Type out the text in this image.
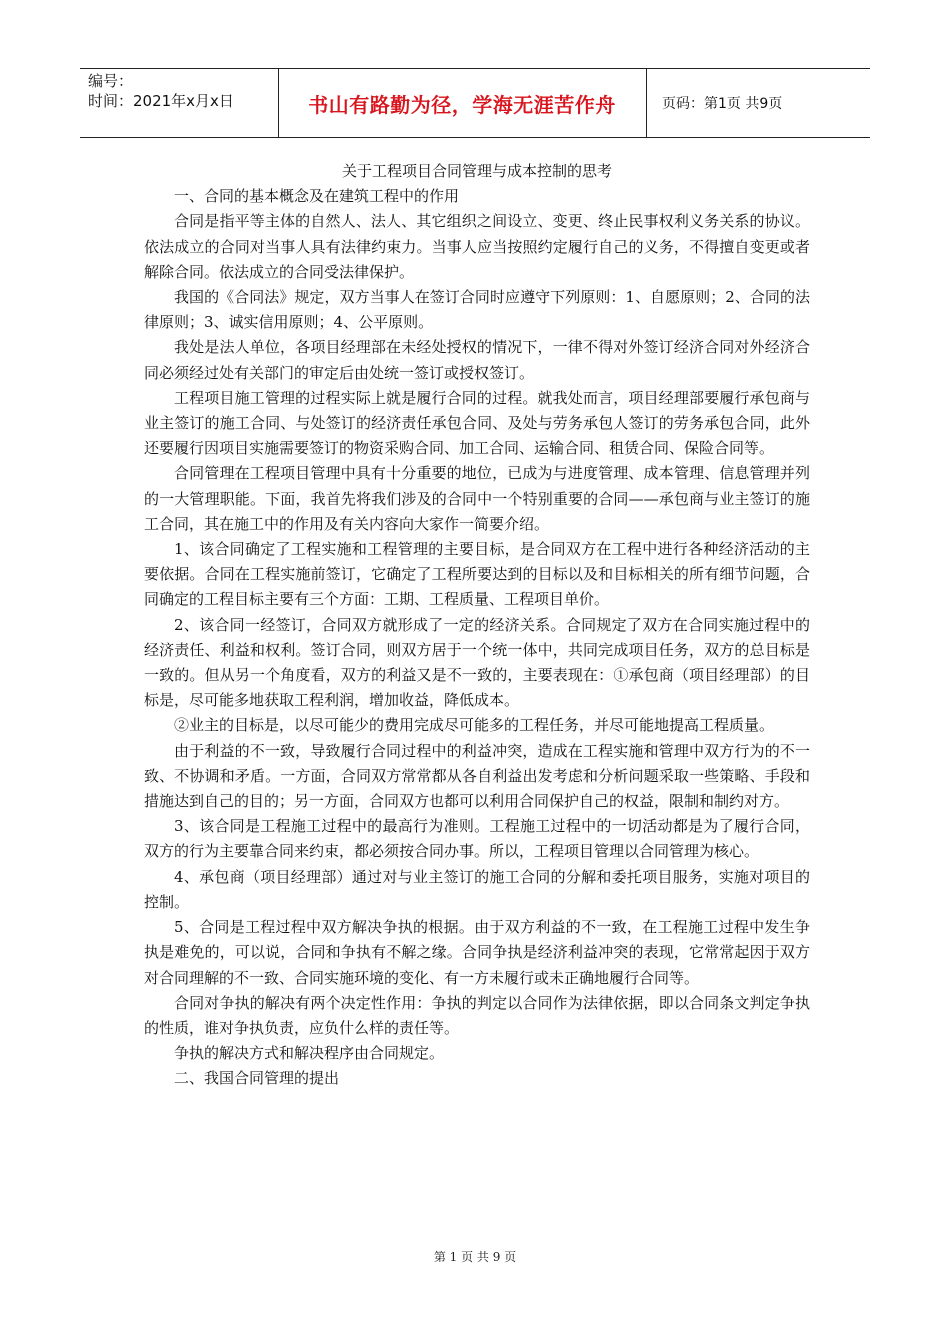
编号：
时间：2021年x月x日	书山有路勤为径，学海无涯苦作舟	页码：第1页 共9页

关于工程项目合同管理与成本控制的思考

一、合同的基本概念及在建筑工程中的作用

合同是指平等主体的自然人、法人、其它组织之间设立、变更、终止民事权利义务关系的协议。依法成立的合同对当事人具有法律约束力。当事人应当按照约定履行自己的义务，不得擅自变更或者解除合同。依法成立的合同受法律保护。

我国的《合同法》规定，双方当事人在签订合同时应遵守下列原则：1、自愿原则；2、合同的法律原则；3、诚实信用原则；4、公平原则。

我处是法人单位，各项目经理部在未经处授权的情况下，一律不得对外签订经济合同对外经济合同必须经过处有关部门的审定后由处统一签订或授权签订。

工程项目施工管理的过程实际上就是履行合同的过程。就我处而言，项目经理部要履行承包商与业主签订的施工合同、与处签订的经济责任承包合同、及处与劳务承包人签订的劳务承包合同，此外还要履行因项目实施需要签订的物资采购合同、加工合同、运输合同、租赁合同、保险合同等。

合同管理在工程项目管理中具有十分重要的地位，已成为与进度管理、成本管理、信息管理并列的一大管理职能。下面，我首先将我们涉及的合同中一个特别重要的合同——承包商与业主签订的施工合同，其在施工中的作用及有关内容向大家作一简要介绍。

1、该合同确定了工程实施和工程管理的主要目标，是合同双方在工程中进行各种经济活动的主要依据。合同在工程实施前签订，它确定了工程所要达到的目标以及和目标相关的所有细节问题，合同确定的工程目标主要有三个方面：工期、工程质量、工程项目单价。

2、该合同一经签订，合同双方就形成了一定的经济关系。合同规定了双方在合同实施过程中的经济责任、利益和权利。签订合同，则双方居于一个统一体中，共同完成项目任务，双方的总目标是一致的。但从另一个角度看，双方的利益又是不一致的，主要表现在：①承包商（项目经理部）的目标是，尽可能多地获取工程利润，增加收益，降低成本。

②业主的目标是，以尽可能少的费用完成尽可能多的工程任务，并尽可能地提高工程质量。

由于利益的不一致，导致履行合同过程中的利益冲突，造成在工程实施和管理中双方行为的不一致、不协调和矛盾。一方面，合同双方常常都从各自利益出发考虑和分析问题采取一些策略、手段和措施达到自己的目的；另一方面，合同双方也都可以利用合同保护自己的权益，限制和制约对方。

3、该合同是工程施工过程中的最高行为准则。工程施工过程中的一切活动都是为了履行合同，双方的行为主要靠合同来约束，都必须按合同办事。所以，工程项目管理以合同管理为核心。

4、承包商（项目经理部）通过对与业主签订的施工合同的分解和委托项目服务，实施对项目的控制。

5、合同是工程过程中双方解决争执的根据。由于双方利益的不一致，在工程施工过程中发生争执是难免的，可以说，合同和争执有不解之缘。合同争执是经济利益冲突的表现，它常常起因于双方对合同理解的不一致、合同实施环境的变化、有一方未履行或未正确地履行合同等。

合同对争执的解决有两个决定性作用：争执的判定以合同作为法律依据，即以合同条文判定争执的性质，谁对争执负责，应负什么样的责任等。

争执的解决方式和解决程序由合同规定。

二、我国合同管理的提出

第 1 页 共 9 页
